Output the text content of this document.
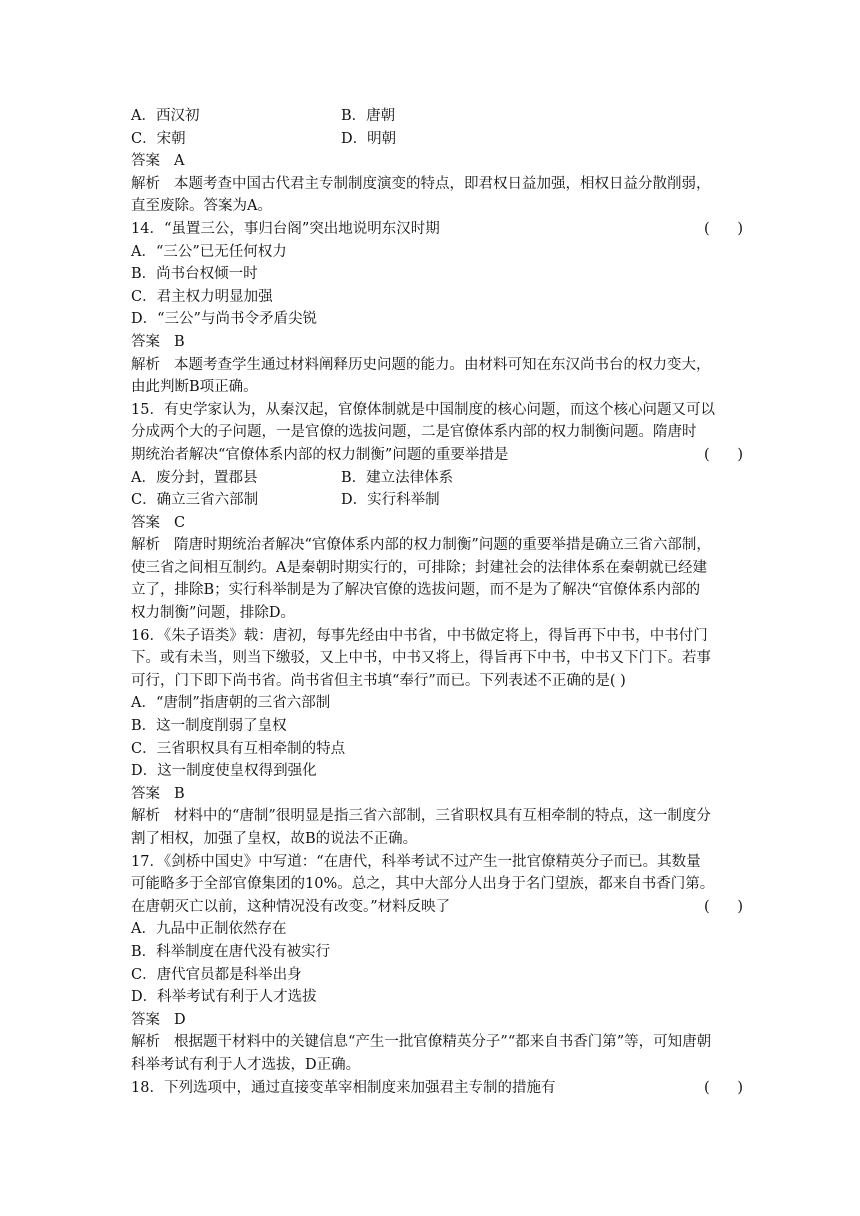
A．西汉初	B．唐朝
C．宋朝	D．明朝
答案 A
解析 本题考查中国古代君主专制制度演变的特点，即君权日益加强，相权日益分散削弱，
直至废除。答案为A。
14．“虽置三公，事归台阁”突出地说明东汉时期	(      )
A．“三公”已无任何权力
B．尚书台权倾一时
C．君主权力明显加强
D．“三公”与尚书令矛盾尖锐
答案 B
解析 本题考查学生通过材料阐释历史问题的能力。由材料可知在东汉尚书台的权力变大，
由此判断B项正确。
15．有史学家认为，从秦汉起，官僚体制就是中国制度的核心问题，而这个核心问题又可以
分成两个大的子问题，一是官僚的选拔问题，二是官僚体系内部的权力制衡问题。隋唐时
期统治者解决“官僚体系内部的权力制衡”问题的重要举措是	(      )
A．废分封，置郡县	B．建立法律体系
C．确立三省六部制	D．实行科举制
答案 C
解析 隋唐时期统治者解决“官僚体系内部的权力制衡”问题的重要举措是确立三省六部制，
使三省之间相互制约。A是秦朝时期实行的，可排除；封建社会的法律体系在秦朝就已经建
立了，排除B；实行科举制是为了解决官僚的选拔问题，而不是为了解决“官僚体系内部的
权力制衡”问题，排除D。
16．《朱子语类》载：唐初，每事先经由中书省，中书做定将上，得旨再下中书，中书付门
下。或有未当，则当下缴驳，又上中书，中书又将上，得旨再下中书，中书又下门下。若事
可行，门下即下尚书省。尚书省但主书填“奉行”而已。下列表述不正确的是( )
A．“唐制”指唐朝的三省六部制
B．这一制度削弱了皇权
C．三省职权具有互相牵制的特点
D．这一制度使皇权得到强化
答案 B
解析 材料中的“唐制”很明显是指三省六部制，三省职权具有互相牵制的特点，这一制度分
割了相权，加强了皇权，故B的说法不正确。
17．《剑桥中国史》中写道：“在唐代，科举考试不过产生一批官僚精英分子而已。其数量
可能略多于全部官僚集团的10%。总之，其中大部分人出身于名门望族，都来自书香门第。
在唐朝灭亡以前，这种情况没有改变。”材料反映了	(      )
A．九品中正制依然存在
B．科举制度在唐代没有被实行
C．唐代官员都是科举出身
D．科举考试有利于人才选拔
答案 D
解析 根据题干材料中的关键信息“产生一批官僚精英分子”“都来自书香门第”等，可知唐朝
科举考试有利于人才选拔，D正确。
18．下列选项中，通过直接变革宰相制度来加强君主专制的措施有	(      )
